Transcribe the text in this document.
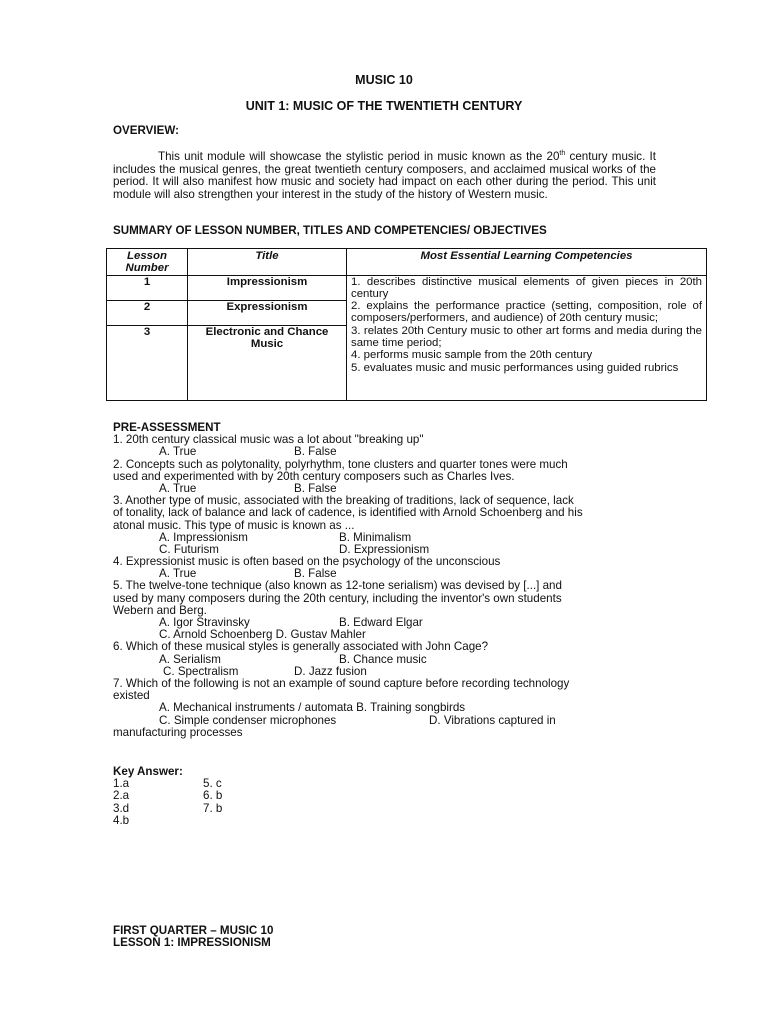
MUSIC 10
UNIT 1: MUSIC OF THE TWENTIETH CENTURY
OVERVIEW:

This unit module will showcase the stylistic period in music known as the 20th century music. It includes the musical genres, the great twentieth century composers, and acclaimed musical works of the period. It will also manifest how music and society had impact on each other during the period. This unit module will also strengthen your interest in the study of the history of Western music.

SUMMARY OF LESSON NUMBER, TITLES AND COMPETENCIES/ OBJECTIVES
Lesson Number	Title	Most Essential Learning Competencies
1	Impressionism	1. describes distinctive musical elements of given pieces in 20th century
2. explains the performance practice (setting, composition, role of composers/performers, and audience) of 20th century music;
3. relates 20th Century music to other art forms and media during the same time period;
4. performs music sample from the 20th century
5. evaluates music and music performances using guided rubrics

2	Expressionism	
3	Electronic and Chance Music	
PRE-ASSESSMENT
1. 20th century classical music was a lot about "breaking up"
A. True	B. False
2. Concepts such as polytonality, polyrhythm, tone clusters and quarter tones were much
used and experimented with by 20th century composers such as Charles Ives.
A. True	B. False
3. Another type of music, associated with the breaking of traditions, lack of sequence, lack
of tonality, lack of balance and lack of cadence, is identified with Arnold Schoenberg and his
atonal music. This type of music is known as ...
A. Impressionism	B. Minimalism
C. Futurism	D. Expressionism
4. Expressionist music is often based on the psychology of the unconscious
A. True	B. False
5. The twelve-tone technique (also known as 12-tone serialism) was devised by [...] and
used by many composers during the 20th century, including the inventor's own students
Webern and Berg.
A. Igor Stravinsky	B. Edward Elgar
C. Arnold Schoenberg D. Gustav Mahler
6. Which of these musical styles is generally associated with John Cage?
A. Serialism	B. Chance music
C. Spectralism	D. Jazz fusion
7. Which of the following is not an example of sound capture before recording technology
existed
A. Mechanical instruments / automata B. Training songbirds
C. Simple condenser microphones	D. Vibrations captured in
manufacturing processes
Key Answer:
1.a	5. c
2.a	6. b
3.d	7. b
4.b
FIRST QUARTER – MUSIC 10
LESSON 1: IMPRESSIONISM
